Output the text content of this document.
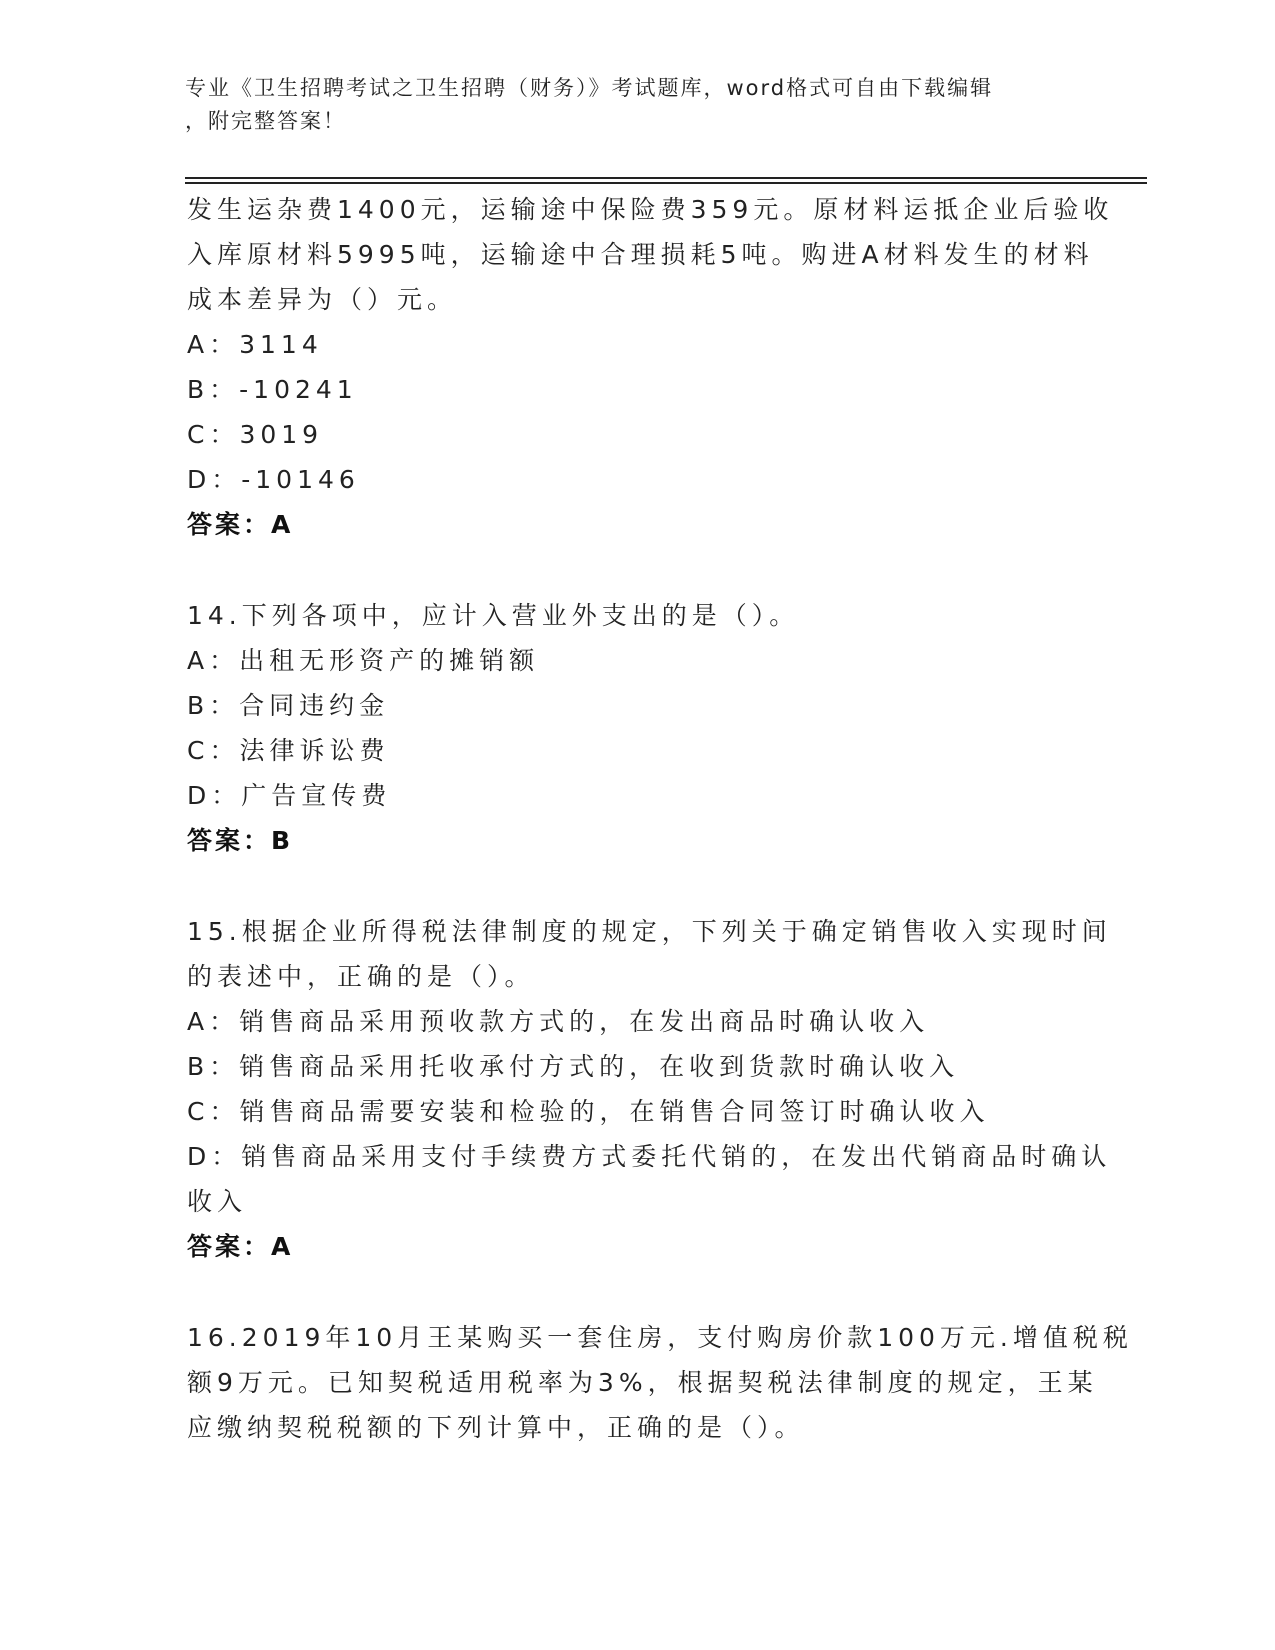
专业《卫生招聘考试之卫生招聘（财务）》考试题库，word格式可自由下载编辑
，附完整答案！
发生运杂费1400元，运输途中保险费359元。原材料运抵企业后验收
入库原材料5995吨，运输途中合理损耗5吨。购进A材料发生的材料
成本差异为（）元。
A：3114
B：-10241
C：3019
D：-10146
答案：A
14.下列各项中，应计入营业外支出的是（）。
A：出租无形资产的摊销额
B：合同违约金
C：法律诉讼费
D：广告宣传费
答案：B
15.根据企业所得税法律制度的规定，下列关于确定销售收入实现时间
的表述中，正确的是（）。
A：销售商品采用预收款方式的，在发出商品时确认收入
B：销售商品采用托收承付方式的，在收到货款时确认收入
C：销售商品需要安装和检验的，在销售合同签订时确认收入
D：销售商品采用支付手续费方式委托代销的，在发出代销商品时确认
收入
答案：A
16.2019年10月王某购买一套住房，支付购房价款100万元.增值税税
额9万元。已知契税适用税率为3%，根据契税法律制度的规定，王某
应缴纳契税税额的下列计算中，正确的是（）。
